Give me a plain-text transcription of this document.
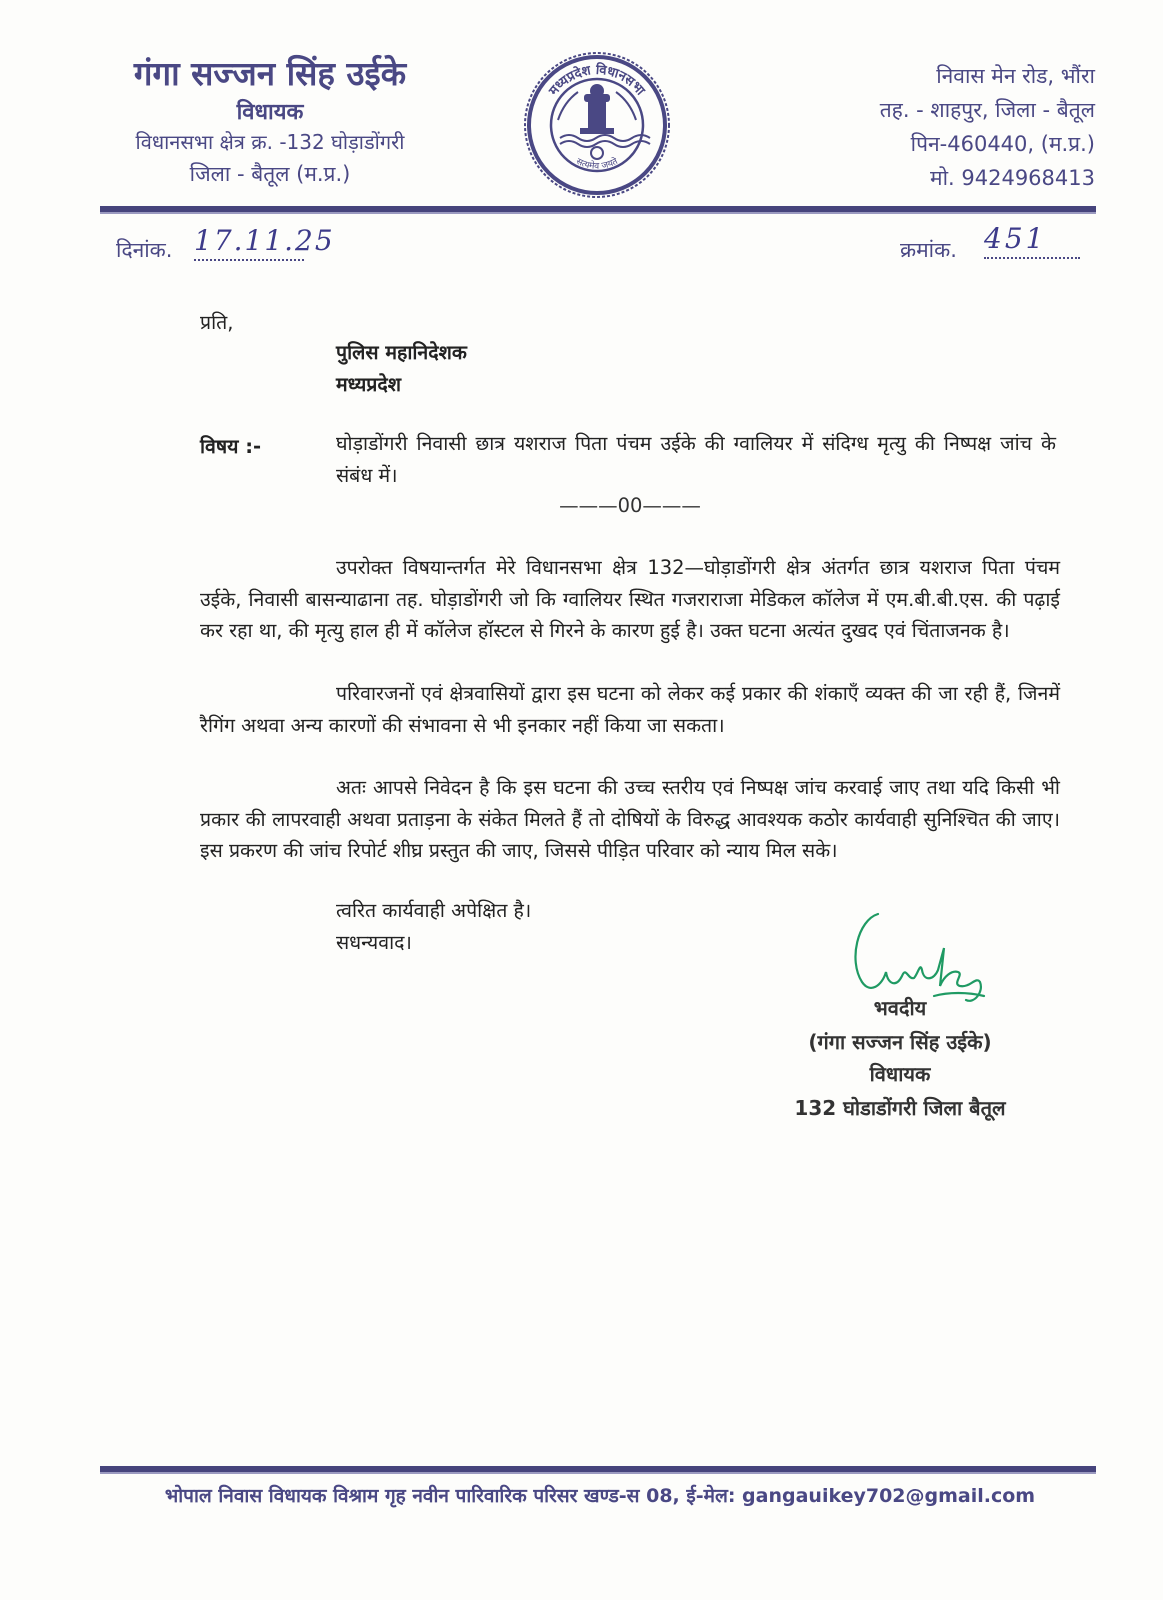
गंगा सज्जन सिंह उईके
विधायक
विधानसभा क्षेत्र क्र. -132 घोड़ाडोंगरी
जिला - बैतूल (म.प्र.)
मध्यप्रदेश विधानसभा
सत्यमेव जयते
निवास मेन रोड, भौंरा
तह. - शाहपुर, जिला - बैतूल
पिन-460440, (म.प्र.)
मो. 9424968413
दिनांक. 17.11.25	क्रमांक. 451
प्रति,
पुलिस महानिदेशक
मध्यप्रदेश
विषय :-	घोड़ाडोंगरी निवासी छात्र यशराज पिता पंचम उईके की ग्वालियर में संदिग्ध मृत्यु की निष्पक्ष जांच के संबंध में।
———00———
उपरोक्त विषयान्तर्गत मेरे विधानसभा क्षेत्र 132—घोड़ाडोंगरी क्षेत्र अंतर्गत छात्र यशराज पिता पंचम उईके, निवासी बासन्याढाना तह. घोड़ाडोंगरी जो कि ग्वालियर स्थित गजराराजा मेडिकल कॉलेज में एम.बी.बी.एस. की पढ़ाई कर रहा था, की मृत्यु हाल ही में कॉलेज हॉस्टल से गिरने के कारण हुई है। उक्त घटना अत्यंत दुखद एवं चिंताजनक है।
परिवारजनों एवं क्षेत्रवासियों द्वारा इस घटना को लेकर कई प्रकार की शंकाएँ व्यक्त की जा रही हैं, जिनमें रैगिंग अथवा अन्य कारणों की संभावना से भी इनकार नहीं किया जा सकता।
अतः आपसे निवेदन है कि इस घटना की उच्च स्तरीय एवं निष्पक्ष जांच करवाई जाए तथा यदि किसी भी प्रकार की लापरवाही अथवा प्रताड़ना के संकेत मिलते हैं तो दोषियों के विरुद्ध आवश्यक कठोर कार्यवाही सुनिश्चित की जाए। इस प्रकरण की जांच रिपोर्ट शीघ्र प्रस्तुत की जाए, जिससे पीड़ित परिवार को न्याय मिल सके।
त्वरित कार्यवाही अपेक्षित है।
सधन्यवाद।
भवदीय
(गंगा सज्जन सिंह उईके)
विधायक
132 घोडाडोंगरी जिला बैतूल
भोपाल निवास विधायक विश्राम गृह नवीन पारिवारिक परिसर खण्ड-स 08, ई-मेल: gangauikey702@gmail.com
